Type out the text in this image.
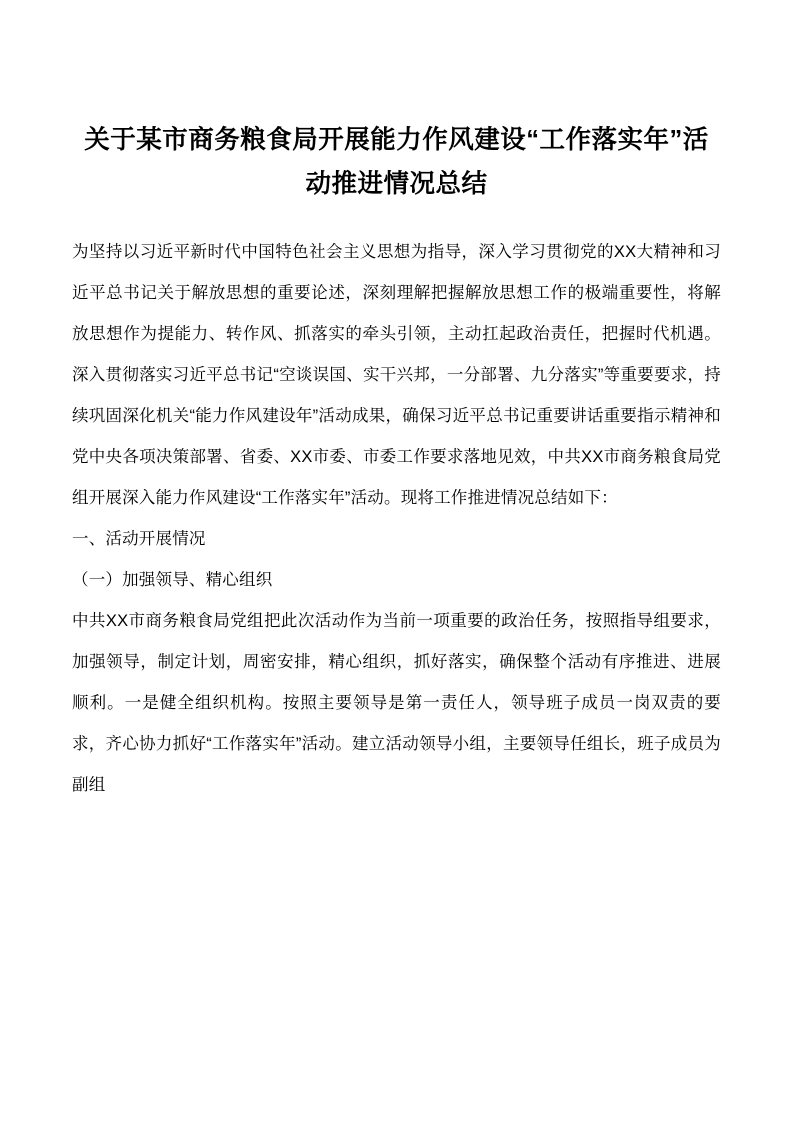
关于某市商务粮食局开展能力作风建设“工作落实年”活动推进情况总结

为坚持以习近平新时代中国特色社会主义思想为指导，深入学习贯彻党的XX大精神和习近平总书记关于解放思想的重要论述，深刻理解把握解放思想工作的极端重要性，将解放思想作为提能力、转作风、抓落实的牵头引领，主动扛起政治责任，把握时代机遇。深入贯彻落实习近平总书记“空谈误国、实干兴邦，一分部署、九分落实”等重要要求，持续巩固深化机关“能力作风建设年”活动成果，确保习近平总书记重要讲话重要指示精神和党中央各项决策部署、省委、XX市委、市委工作要求落地见效，中共XX市商务粮食局党组开展深入能力作风建设“工作落实年”活动。现将工作推进情况总结如下：

一、活动开展情况

（一）加强领导、精心组织

中共XX市商务粮食局党组把此次活动作为当前一项重要的政治任务，按照指导组要求，加强领导，制定计划，周密安排，精心组织，抓好落实，确保整个活动有序推进、进展顺利。一是健全组织机构。按照主要领导是第一责任人，领导班子成员一岗双责的要求，齐心协力抓好“工作落实年”活动。建立活动领导小组，主要领导任组长，班子成员为副组
